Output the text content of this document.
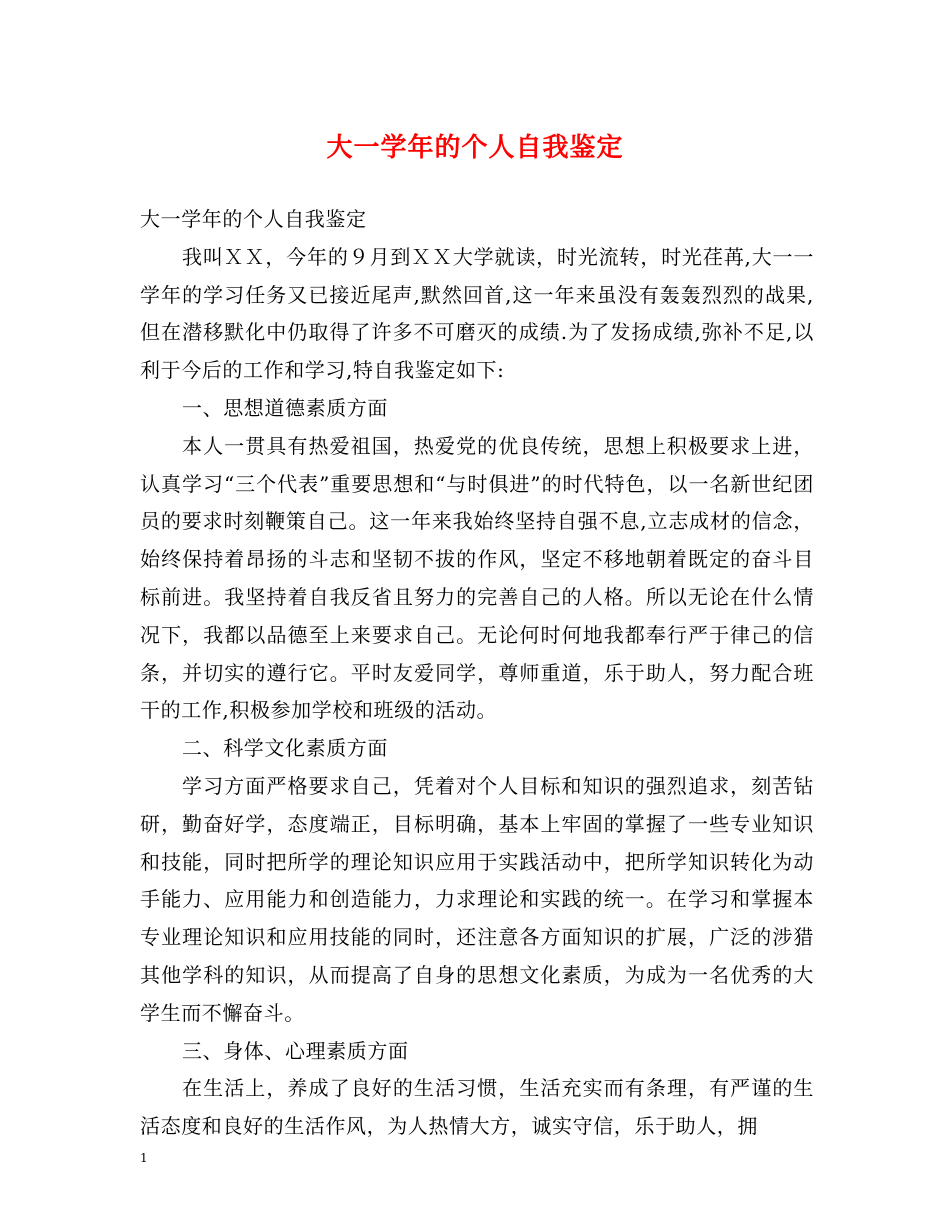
大一学年的个人自我鉴定

大一学年的个人自我鉴定

我叫ＸＸ，今年的９月到ＸＸ大学就读，时光流转，时光荏苒,大一一学年的学习任务又已接近尾声,默然回首,这一年来虽没有轰轰烈烈的战果,但在潜移默化中仍取得了许多不可磨灭的成绩.为了发扬成绩,弥补不足,以利于今后的工作和学习,特自我鉴定如下:

一、思想道德素质方面

本人一贯具有热爱祖国，热爱党的优良传统，思想上积极要求上进，认真学习“三个代表”重要思想和“与时俱进”的时代特色，以一名新世纪团员的要求时刻鞭策自己。这一年来我始终坚持自强不息,立志成材的信念，始终保持着昂扬的斗志和坚韧不拔的作风，坚定不移地朝着既定的奋斗目标前进。我坚持着自我反省且努力的完善自己的人格。所以无论在什么情况下，我都以品德至上来要求自己。无论何时何地我都奉行严于律己的信条，并切实的遵行它。平时友爱同学，尊师重道，乐于助人，努力配合班干的工作,积极参加学校和班级的活动。

二、科学文化素质方面

学习方面严格要求自己，凭着对个人目标和知识的强烈追求，刻苦钻研，勤奋好学，态度端正，目标明确，基本上牢固的掌握了一些专业知识和技能，同时把所学的理论知识应用于实践活动中，把所学知识转化为动手能力、应用能力和创造能力，力求理论和实践的统一。在学习和掌握本专业理论知识和应用技能的同时，还注意各方面知识的扩展，广泛的涉猎其他学科的知识，从而提高了自身的思想文化素质，为成为一名优秀的大学生而不懈奋斗。

三、身体、心理素质方面

在生活上，养成了良好的生活习惯，生活充实而有条理，有严谨的生活态度和良好的生活作风，为人热情大方，诚实守信，乐于助人，拥

1
